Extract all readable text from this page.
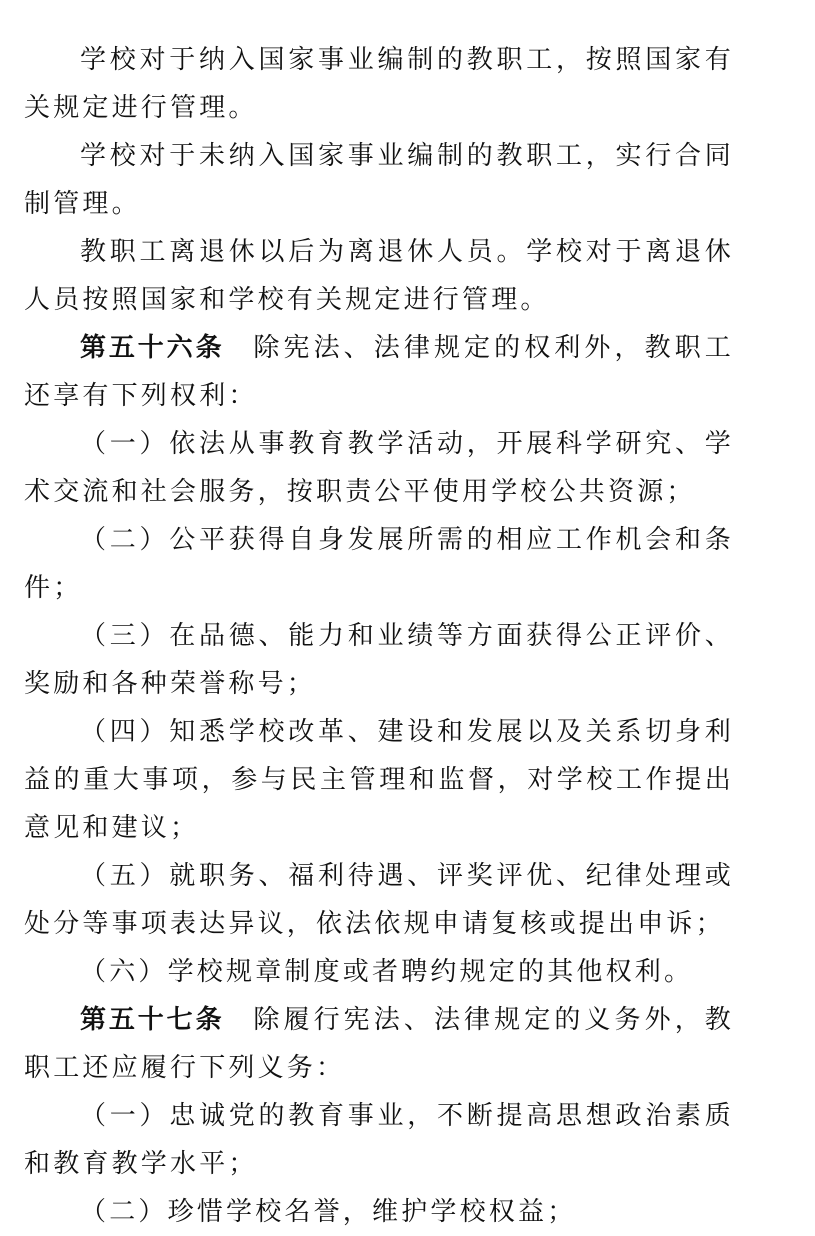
学校对于纳入国家事业编制的教职工，按照国家有关规定进行管理。

学校对于未纳入国家事业编制的教职工，实行合同制管理。

教职工离退休以后为离退休人员。学校对于离退休人员按照国家和学校有关规定进行管理。

第五十六条 除宪法、法律规定的权利外，教职工还享有下列权利：

（一）依法从事教育教学活动，开展科学研究、学术交流和社会服务，按职责公平使用学校公共资源；

（二）公平获得自身发展所需的相应工作机会和条件；

（三）在品德、能力和业绩等方面获得公正评价、奖励和各种荣誉称号；

（四）知悉学校改革、建设和发展以及关系切身利益的重大事项，参与民主管理和监督，对学校工作提出意见和建议；

（五）就职务、福利待遇、评奖评优、纪律处理或处分等事项表达异议，依法依规申请复核或提出申诉；

（六）学校规章制度或者聘约规定的其他权利。

第五十七条 除履行宪法、法律规定的义务外，教职工还应履行下列义务：

（一）忠诚党的教育事业，不断提高思想政治素质和教育教学水平；

（二）珍惜学校名誉，维护学校权益；
